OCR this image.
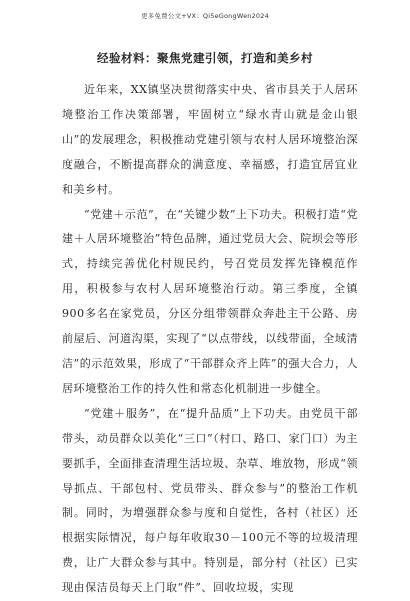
更多免费公文+VX：Qi5eGongWen2024
经验材料：聚焦党建引领，打造和美乡村

近年来，XX镇坚决贯彻落实中央、省市县关于人居环境整治工作决策部署，牢固树立“绿水青山就是金山银山”的发展理念，积极推动党建引领与农村人居环境整治深度融合，不断提高群众的满意度、幸福感，打造宜居宜业和美乡村。

“党建＋示范”，在“关键少数”上下功夫。积极打造“党建＋人居环境整治”特色品牌，通过党员大会、院坝会等形式，持续完善优化村规民约，号召党员发挥先锋模范作用，积极参与农村人居环境整治行动。第三季度，全镇900多名在家党员，分区分组带领群众奔赴主干公路、房前屋后、河道沟渠，实现了“以点带线，以线带面，全域清洁”的示范效果，形成了“干部群众齐上阵”的强大合力，人居环境整治工作的持久性和常态化机制进一步健全。

“党建＋服务”，在“提升品质”上下功夫。由党员干部带头，动员群众以美化“三口”（村口、路口、家门口）为主要抓手，全面排查清理生活垃圾、杂草、堆放物，形成“领导抓点、干部包村、党员带头、群众参与”的整治工作机制。同时，为增强群众参与度和自觉性，各村（社区）还根据实际情况，每户每年收取30－100元不等的垃圾清理费，让广大群众参与其中。特别是，部分村（社区）已实现由保洁员每天上门取“件”、回收垃圾，实现
